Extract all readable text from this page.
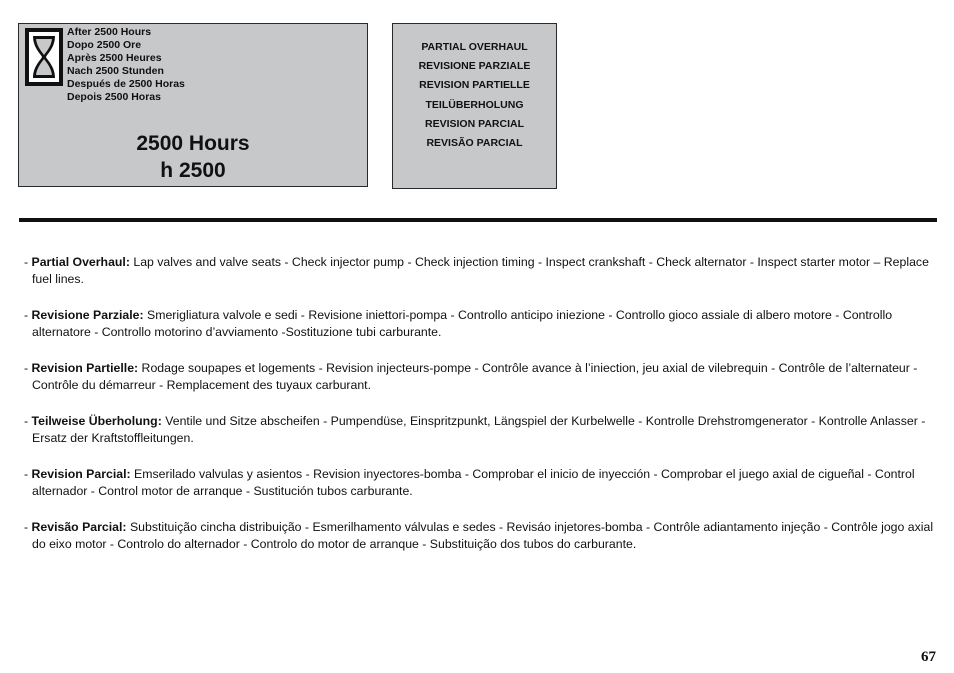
After 2500 Hours
Dopo 2500 Ore
Après 2500 Heures
Nach 2500 Stunden
Después de 2500 Horas
Depois 2500 Horas
2500 Hours
h 2500
PARTIAL OVERHAUL
REVISIONE PARZIALE
REVISION PARTIELLE
TEILÜBERHOLUNG
REVISION PARCIAL
REVISÃO PARCIAL

- Partial Overhaul: Lap valves and valve seats - Check injector pump - Check injection timing - Inspect crankshaft - Check alternator - Inspect starter motor – Replace fuel lines.

- Revisione Parziale: Smerigliatura valvole e sedi - Revisione iniettori-pompa - Controllo anticipo iniezione - Controllo gioco assiale di albero motore - Controllo alternatore - Controllo motorino d’avviamento -Sostituzione tubi carburante.

- Revision Partielle: Rodage soupapes et logements - Revision injecteurs-pompe - Contrôle avance à l’iniection, jeu axial de vilebrequin - Contrôle de l’alternateur - Contrôle du démarreur - Remplacement des tuyaux carburant.

- Teilweise Überholung: Ventile und Sitze abscheifen - Pumpendüse, Einspritzpunkt, Längspiel der Kurbelwelle - Kontrolle Drehstromgenerator - Kontrolle Anlasser - Ersatz der Kraftstoffleitungen.

- Revision Parcial: Emserilado valvulas y asientos - Revision inyectores-bomba - Comprobar el inicio de inyección - Comprobar el juego axial de cigueñal - Control alternador - Control motor de arranque - Sustitución tubos carburante.

- Revisão Parcial: Substituição cincha distribuição - Esmerilhamento válvulas e sedes - Revisáo injetores-bomba - Contrôle adiantamento injeção - Contrôle jogo axial do eixo motor - Controlo do alternador - Controlo do motor de arranque - Substituição dos tubos do carburante.

67
